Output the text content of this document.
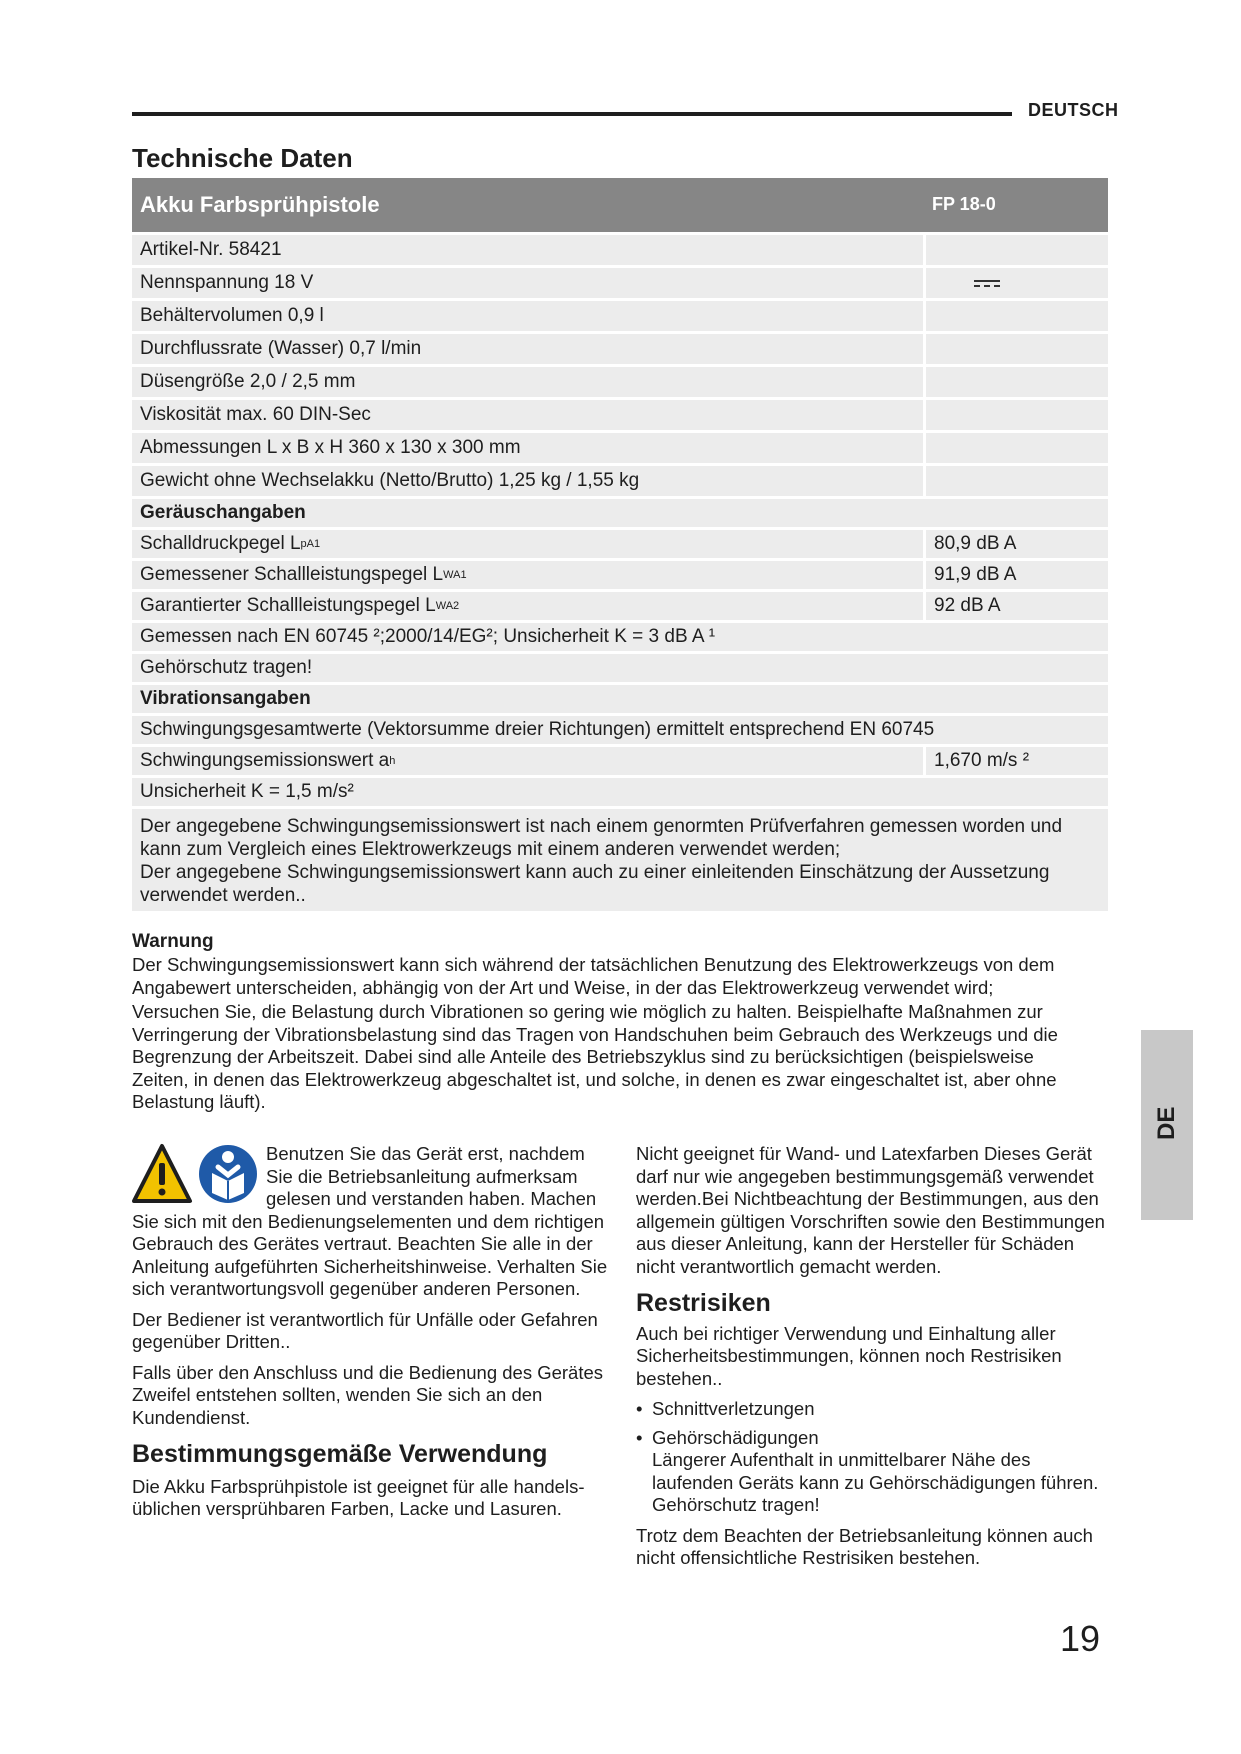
DEUTSCH
Technische Daten
Akku Farbsprühpistole	FP 18-0
Artikel-Nr. 58421
Nennspannung 18 V
Behältervolumen 0,9 l
Durchflussrate (Wasser) 0,7 l/min
Düsengröße 2,0 / 2,5 mm
Viskosität max. 60 DIN-Sec
Abmessungen L x B x H 360 x 130 x 300 mm
Gewicht ohne Wechselakku (Netto/Brutto) 1,25 kg / 1,55 kg
Geräuschangaben
Schalldruckpegel L pA 1	80,9 dB A
Gemessener Schallleistungspegel L WA 1	91,9 dB A
Garantierter Schallleistungspegel L WA 2	92 dB A
Gemessen nach EN 60745 ²;2000/14/EG²; Unsicherheit K = 3 dB A ¹
Gehörschutz tragen!
Vibrationsangaben
Schwingungsgesamtwerte (Vektorsumme dreier Richtungen) ermittelt entsprechend EN 60745
Schwingungsemissionswert a h	1,670 m/s ²
Unsicherheit K = 1,5 m/s²
Der angegebene Schwingungsemissionswert ist nach einem genormten Prüfverfahren gemessen worden und kann zum Vergleich eines Elektrowerkzeugs mit einem anderen verwendet werden;
Der angegebene Schwingungsemissionswert kann auch zu einer einleitenden Einschätzung der Aussetzung verwendet werden..
Warnung
Der Schwingungsemissionswert kann sich während der tatsächlichen Benutzung des Elektrowerkzeugs von dem Angabewert unterscheiden, abhängig von der Art und Weise, in der das Elektrowerkzeug verwendet wird;
Versuchen Sie, die Belastung durch Vibrationen so gering wie möglich zu halten. Beispielhafte Maßnahmen zur Verringerung der Vibrationsbelastung sind das Tragen von Handschuhen beim Gebrauch des Werkzeugs und die Begrenzung der Arbeitszeit. Dabei sind alle Anteile des Betriebszyklus sind zu berücksichtigen (beispielsweise Zeiten, in denen das Elektrowerkzeug abgeschaltet ist, und solche, in denen es zwar eingeschaltet ist, aber ohne Belastung läuft).

Benutzen Sie das Gerät erst, nachdem Sie die Betriebsanleitung aufmerksam gelesen und verstanden haben. Machen Sie sich mit den Bedienungselementen und dem richtigen Gebrauch des Gerätes vertraut. Beachten Sie alle in der Anleitung aufgeführten Sicherheitshinweise. Verhalten Sie sich verantwortungsvoll gegenüber anderen Personen.

Der Bediener ist verantwortlich für Unfälle oder Gefahren gegenüber Dritten..

Falls über den Anschluss und die Bedienung des Gerätes Zweifel entstehen sollten, wenden Sie sich an den Kundendienst.

Bestimmungsgemäße Verwendung

Die Akku Farbsprühpistole ist geeignet für alle handelsüblichen versprühbaren Farben, Lacke und Lasuren.

Nicht geeignet für Wand- und Latexfarben Dieses Gerät darf nur wie angegeben bestimmungsgemäß verwendet werden.Bei Nichtbeachtung der Bestimmungen, aus den allgemein gültigen Vorschriften sowie den Bestimmungen aus dieser Anleitung, kann der Hersteller für Schäden nicht verantwortlich gemacht werden.

Restrisiken

Auch bei richtiger Verwendung und Einhaltung aller Sicherheitsbestimmungen, können noch Restrisiken bestehen..

• Schnittverletzungen
• Gehörschädigungen
Längerer Aufenthalt in unmittelbarer Nähe des laufenden Geräts kann zu Gehörschädigungen führen. Gehörschutz tragen!

Trotz dem Beachten der Betriebsanleitung können auch nicht offensichtliche Restrisiken bestehen.

DE
19
